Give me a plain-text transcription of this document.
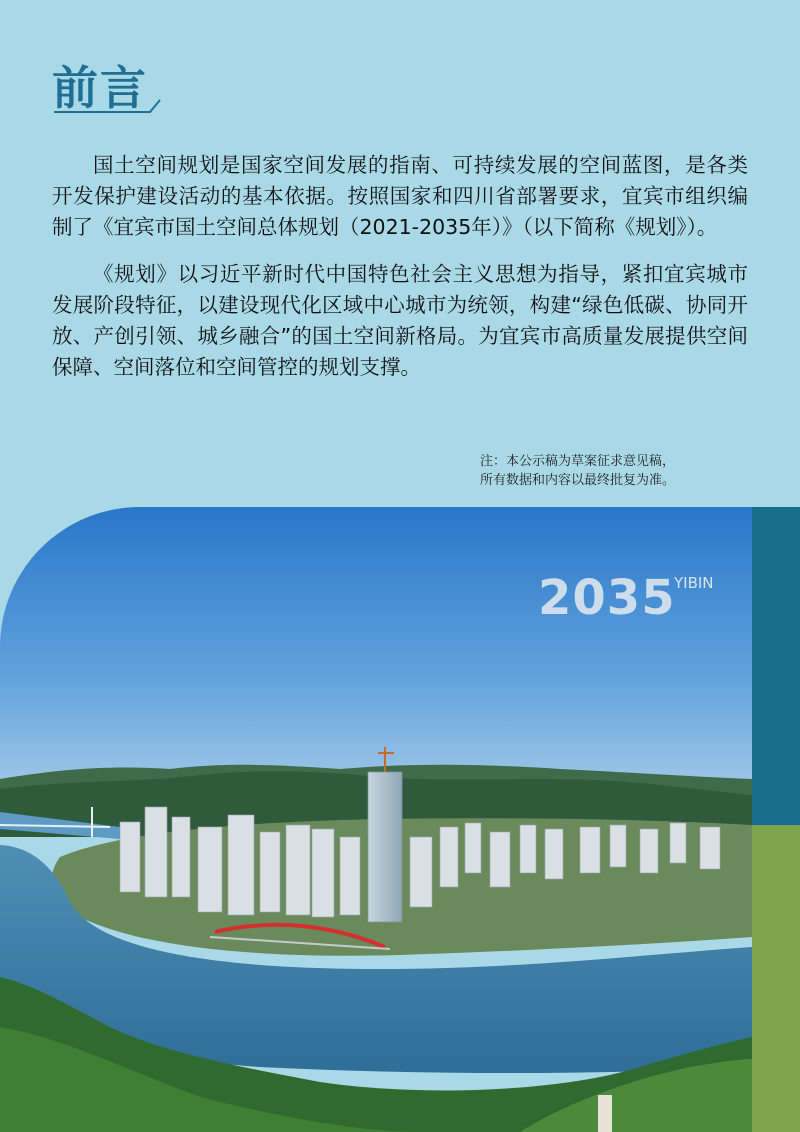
前言

国土空间规划是国家空间发展的指南、可持续发展的空间蓝图，是各类开发保护建设活动的基本依据。按照国家和四川省部署要求，宜宾市组织编制了《宜宾市国土空间总体规划（2021-2035年）》（以下简称《规划》）。

《规划》以习近平新时代中国特色社会主义思想为指导，紧扣宜宾城市发展阶段特征，以建设现代化区域中心城市为统领，构建“绿色低碳、协同开放、产创引领、城乡融合”的国土空间新格局。为宜宾市高质量发展提供空间保障、空间落位和空间管控的规划支撑。

注：本公示稿为草案征求意见稿，
所有数据和内容以最终批复为准。
2035
YIBIN
